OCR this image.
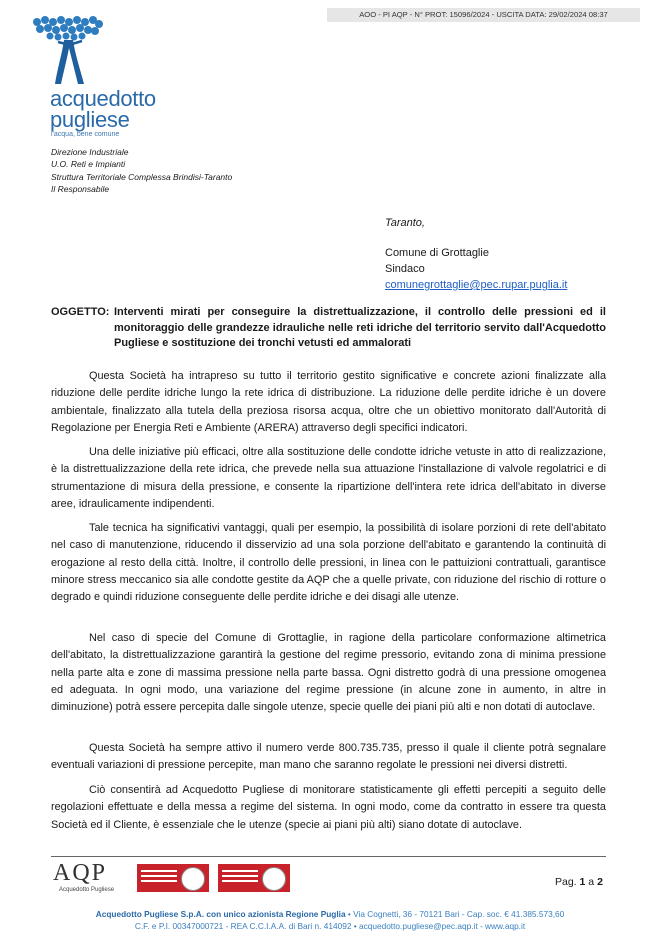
AOO - PI AQP - N° PROT: 15096/2024 - USCITA DATA: 29/02/2024 08:37
acquedotto
pugliese
l'acqua, bene comune
Direzione Industriale
U.O. Reti e Impianti
Struttura Territoriale Complessa Brindisi-Taranto
Il Responsabile
Taranto,
Comune di Grottaglie
Sindaco
comunegrottaglie@pec.rupar.puglia.it
OGGETTO: Interventi mirati per conseguire la distrettualizzazione, il controllo delle pressioni ed il monitoraggio delle grandezze idrauliche nelle reti idriche del territorio servito dall'Acquedotto Pugliese e sostituzione dei tronchi vetusti ed ammalorati
Questa Società ha intrapreso su tutto il territorio gestito significative e concrete azioni finalizzate alla riduzione delle perdite idriche lungo la rete idrica di distribuzione. La riduzione delle perdite idriche è un dovere ambientale, finalizzato alla tutela della preziosa risorsa acqua, oltre che un obiettivo monitorato dall'Autorità di Regolazione per Energia Reti e Ambiente (ARERA) attraverso degli specifici indicatori.
Una delle iniziative più efficaci, oltre alla sostituzione delle condotte idriche vetuste in atto di realizzazione, è la distrettualizzazione della rete idrica, che prevede nella sua attuazione l'installazione di valvole regolatrici e di strumentazione di misura della pressione, e consente la ripartizione dell'intera rete idrica dell'abitato in diverse aree, idraulicamente indipendenti.
Tale tecnica ha significativi vantaggi, quali per esempio, la possibilità di isolare porzioni di rete dell'abitato nel caso di manutenzione, riducendo il disservizio ad una sola porzione dell'abitato e garantendo la continuità di erogazione al resto della città. Inoltre, il controllo delle pressioni, in linea con le pattuizioni contrattuali, garantisce minore stress meccanico sia alle condotte gestite da AQP che a quelle private, con riduzione del rischio di rotture o degrado e quindi riduzione conseguente delle perdite idriche e dei disagi alle utenze.
Nel caso di specie del Comune di Grottaglie, in ragione della particolare conformazione altimetrica dell'abitato, la distrettualizzazione garantirà la gestione del regime pressorio, evitando zona di minima pressione nella parte alta e zone di massima pressione nella parte bassa. Ogni distretto godrà di una pressione omogenea ed adeguata. In ogni modo, una variazione del regime pressione (in alcune zone in aumento, in altre in diminuzione) potrà essere percepita dalle singole utenze, specie quelle dei piani più alti e non dotati di autoclave.
Questa Società ha sempre attivo il numero verde 800.735.735, presso il quale il cliente potrà segnalare eventuali variazioni di pressione percepite, man mano che saranno regolate le pressioni nei diversi distretti.
Ciò consentirà ad Acquedotto Pugliese di monitorare statisticamente gli effetti percepiti a seguito delle regolazioni effettuate e della messa a regime del sistema. In ogni modo, come da contratto in essere tra questa Società ed il Cliente, è essenziale che le utenze (specie ai piani più alti) siano dotate di autoclave.
AQP
Acquedotto Pugliese
Pag. 1 a 2
Acquedotto Pugliese S.p.A. con unico azionista Regione Puglia • Via Cognetti, 36 - 70121 Bari - Cap. soc. € 41.385.573,60
C.F. e P.I. 00347000721 - REA C.C.I.A.A. di Bari n. 414092 • acquedotto.pugliese@pec.aqp.it - www.aqp.it
